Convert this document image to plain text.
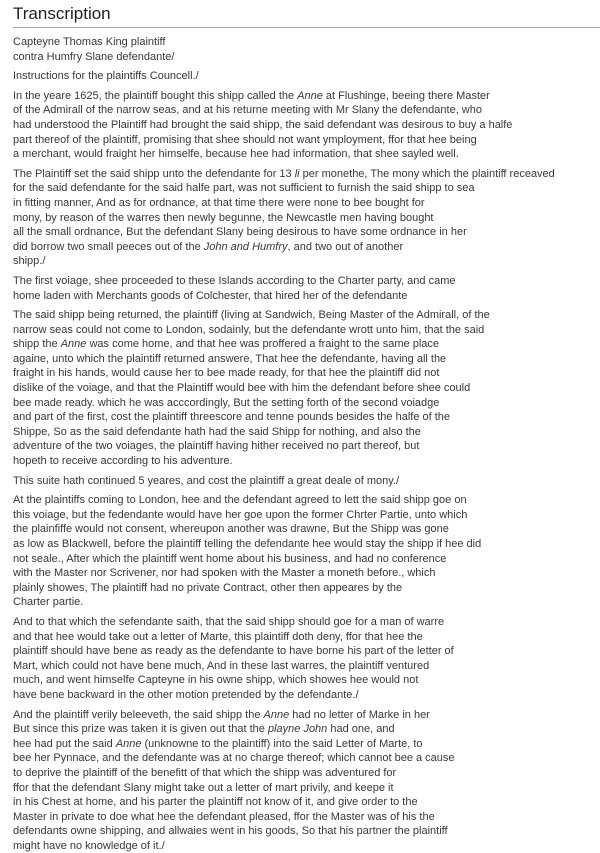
Transcription

Capteyne Thomas King plaintiff
contra Humfry Slane defendante/

Instructions for the plaintiffs Councell./

In the yeare 1625, the plaintiff bought this shipp called the Anne at Flushinge, beeing there Master
of the Admirall of the narrow seas, and at his returne meeting with Mr Slany the defendante, who
had understood the Plaintiff had brought the said shipp, the said defendant was desirous to buy a halfe
part thereof of the plaintiff, promising that shee should not want ymployment, ffor that hee being
a merchant, would fraight her himselfe, because hee had information, that shee sayled well.

The Plaintiff set the said shipp unto the defendante for 13 li per monethe, The mony which the plaintiff receaved
for the said defendante for the said halfe part, was not sufficient to furnish the said shipp to sea
in fitting manner, And as for ordnance, at that time there were none to bee bought for
mony, by reason of the warres then newly begunne, the Newcastle men having bought
all the small ordnance, But the defendant Slany being desirous to have some ordnance in her
did borrow two small peeces out of the John and Humfry, and two out of another
shipp./

The first voiage, shee proceeded to these Islands according to the Charter party, and came
home laden with Merchants goods of Colchester, that hired her of the defendante

The said shipp being returned, the plaintiff (living at Sandwich, Being Master of the Admirall, of the
narrow seas could not come to London, sodainly, but the defendante wrott unto him, that the said
shipp the Anne was come home, and that hee was proffered a fraight to the same place
againe, unto which the plaintiff returned answere, That hee the defendante, having all the
fraight in his hands, would cause her to bee made ready, for that hee the plaintiff did not
dislike of the voiage, and that the Plaintiff would bee with him the defendant before shee could
bee made ready. which he was acccordingly, But the setting forth of the second voiadge
and part of the first, cost the plaintiff threescore and tenne pounds besides the halfe of the
Shippe, So as the said defendante hath had the said Shipp for nothing, and also the
adventure of the two voiages, the plaintiff having hither received no part thereof, but
hopeth to receive according to his adventure.

This suite hath continued 5 yeares, and cost the plaintiff a great deale of mony./

At the plaintiffs coming to London, hee and the defendant agreed to lett the said shipp goe on
this voiage, but the fedendante would have her goe upon the former Chrter Partie, unto which
the plainfiffe would not consent, whereupon another was drawne, But the Shipp was gone
as low as Blackwell, before the plaintiff telling the defendante hee would stay the shipp if hee did
not seale., After which the plaintiff went home about his business, and had no conference
with the Master nor Scrivener, nor had spoken with the Master a moneth before., which
plainly showes, The plaintiff had no private Contract, other then appeares by the
Charter partie.

And to that which the sefendante saith, that the said shipp should goe for a man of warre
and that hee would take out a letter of Marte, this plaintiff doth deny, ffor that hee the
plaintiff should have bene as ready as the defendante to have borne his part of the letter of
Mart, which could not have bene much, And in these last warres, the plaintiff ventured
much, and went himselfe Capteyne in his owne shipp, which showes hee would not
have bene backward in the other motion pretended by the defendante./

And the plaintiff verily beleeveth, the said shipp the Anne had no letter of Marke in her
But since this prize was taken it is given out that the playne John had one, and
hee had put the said Anne (unknowne to the plaintiff) into the said Letter of Marte, to
bee her Pynnace, and the defendante was at no charge thereof; which cannot bee a cause
to deprive the plaintiff of the benefitt of that which the shipp was adventured for
ffor that the defendant Slany might take out a letter of mart privily, and keepe it
in his Chest at home, and his parter the plaintiff not know of it, and give order to the
Master in private to doe what hee the defendant pleased, ffor the Master was of his the
defendants owne shipping, and allwaies went in his goods, So that his partner the plaintiff
might have no knowledge of it./
